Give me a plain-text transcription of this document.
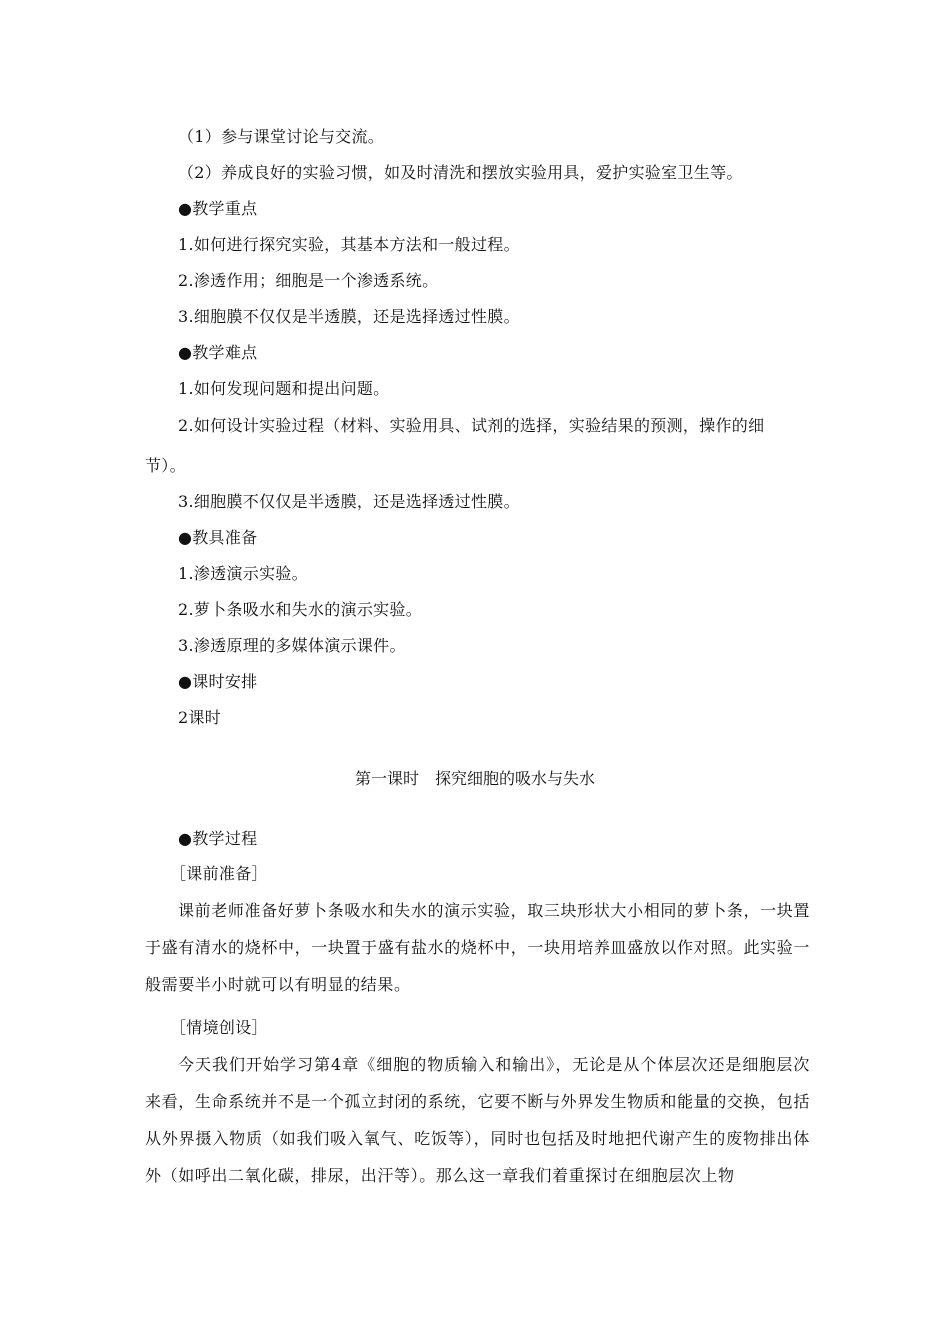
（1）参与课堂讨论与交流。
（2）养成良好的实验习惯，如及时清洗和摆放实验用具，爱护实验室卫生等。
●教学重点
1.如何进行探究实验，其基本方法和一般过程。
2.渗透作用；细胞是一个渗透系统。
3.细胞膜不仅仅是半透膜，还是选择透过性膜。
●教学难点
1.如何发现问题和提出问题。
2.如何设计实验过程（材料、实验用具、试剂的选择，实验结果的预测，操作的细
节）。
3.细胞膜不仅仅是半透膜，还是选择透过性膜。
●教具准备
1.渗透演示实验。
2.萝卜条吸水和失水的演示实验。
3.渗透原理的多媒体演示课件。
●课时安排
2课时
第一课时　探究细胞的吸水与失水
●教学过程
［课前准备］
课前老师准备好萝卜条吸水和失水的演示实验，取三块形状大小相同的萝卜条，一块置于盛有清水的烧杯中，一块置于盛有盐水的烧杯中，一块用培养皿盛放以作对照。此实验一般需要半小时就可以有明显的结果。
［情境创设］
今天我们开始学习第4章《细胞的物质输入和输出》，无论是从个体层次还是细胞层次来看，生命系统并不是一个孤立封闭的系统，它要不断与外界发生物质和能量的交换，包括从外界摄入物质（如我们吸入氧气、吃饭等），同时也包括及时地把代谢产生的废物排出体外（如呼出二氧化碳，排尿，出汗等）。那么这一章我们着重探讨在细胞层次上物
